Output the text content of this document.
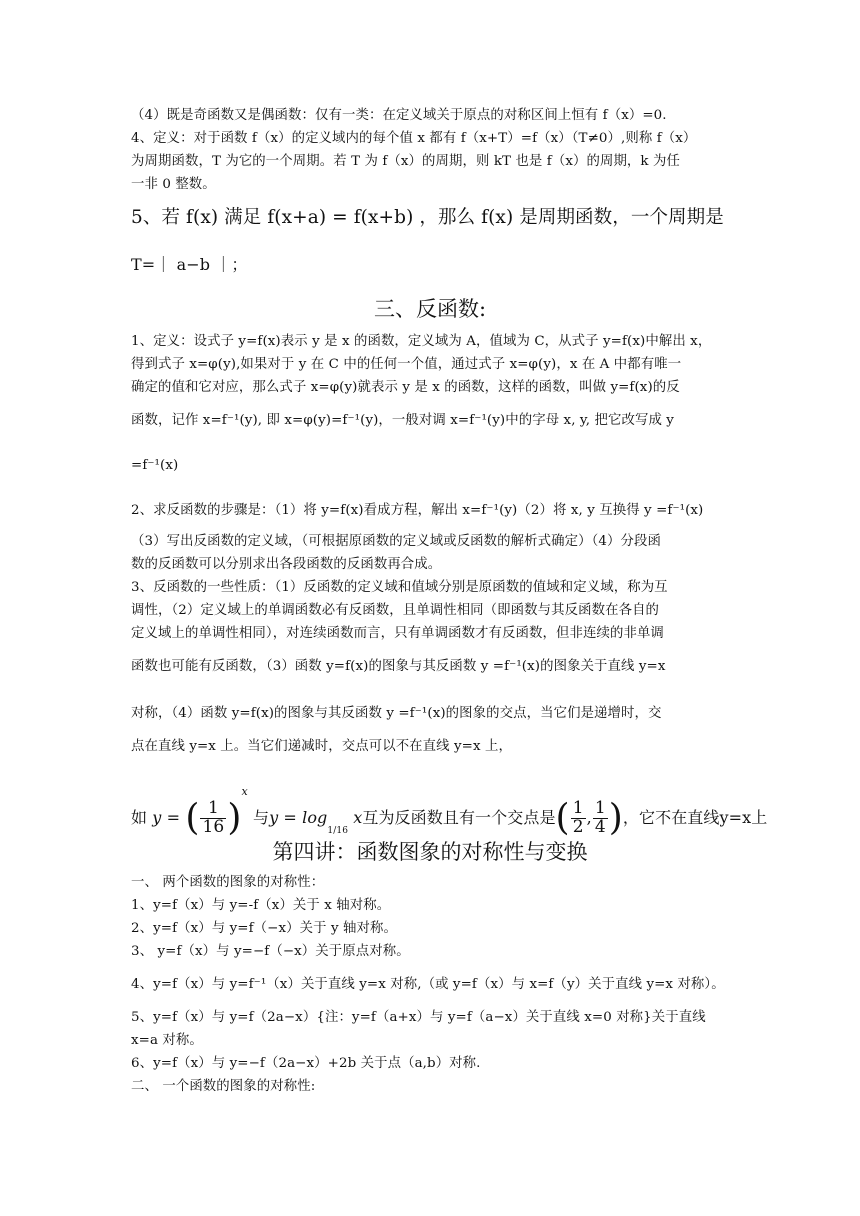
（4）既是奇函数又是偶函数：仅有一类：在定义域关于原点的对称区间上恒有 f（x）=0.
4、定义：对于函数 f（x）的定义域内的每个值 x 都有 f（x+T）=f（x）（T≠0）,则称 f（x）
为周期函数，T 为它的一个周期。若 T 为 f（x）的周期，则 kT 也是 f（x）的周期，k 为任
一非 0 整数。
5、若 f(x) 满足 f(x+a) = f(x+b) ，那么 f(x) 是周期函数，一个周期是
T=｜ a−b ｜；
三、反函数:
1、定义：设式子 y=f(x)表示 y 是 x 的函数，定义域为 A，值域为 C，从式子 y=f(x)中解出 x，
得到式子 x=φ(y),如果对于 y 在 C 中的任何一个值，通过式子 x=φ(y)，x 在 A 中都有唯一
确定的值和它对应，那么式子 x=φ(y)就表示 y 是 x 的函数，这样的函数，叫做 y=f(x)的反
函数，记作 x=f⁻¹(y), 即 x=φ(y)=f⁻¹(y)，一般对调 x=f⁻¹(y)中的字母 x, y, 把它改写成 y
=f⁻¹(x)
2、求反函数的步骤是：（1）将 y=f(x)看成方程，解出 x=f⁻¹(y)（2）将 x, y 互换得 y =f⁻¹(x)
（3）写出反函数的定义域，（可根据原函数的定义域或反函数的解析式确定）（4）分段函
数的反函数可以分别求出各段函数的反函数再合成。
3、反函数的一些性质：（1）反函数的定义域和值域分别是原函数的值域和定义域，称为互
调性，（2）定义域上的单调函数必有反函数，且单调性相同（即函数与其反函数在各自的
定义域上的单调性相同），对连续函数而言，只有单调函数才有反函数，但非连续的非单调
函数也可能有反函数，（3）函数 y=f(x)的图象与其反函数 y =f⁻¹(x)的图象关于直线 y=x
对称，（4）函数 y=f(x)的图象与其反函数 y =f⁻¹(x)的图象的交点，当它们是递增时，交
点在直线 y=x 上。当它们递减时，交点可以不在直线 y=x 上，
如 y = ( $\frac{1}{16} )^x$ 与$y = \log_{1/16} x$互为反函数且有一个交点是( $\frac{1}{2}$ , $\frac{1}{4}$ )，它不在直线y=x上
第四讲：函数图象的对称性与变换
一、 两个函数的图象的对称性：
1、y=f（x）与 y=-f（x）关于 x 轴对称。
2、y=f（x）与 y=f（−x）关于 y 轴对称。
3、 y=f（x）与 y=−f（−x）关于原点对称。
4、y=f（x）与 y=f⁻¹（x）关于直线 y=x 对称,（或 y=f（x）与 x=f（y）关于直线 y=x 对称）。
5、y=f（x）与 y=f（2a−x）{注：y=f（a+x）与 y=f（a−x）关于直线 x=0 对称}关于直线
x=a 对称。
6、y=f（x）与 y=−f（2a−x）+2b 关于点（a,b）对称.
二、 一个函数的图象的对称性:
